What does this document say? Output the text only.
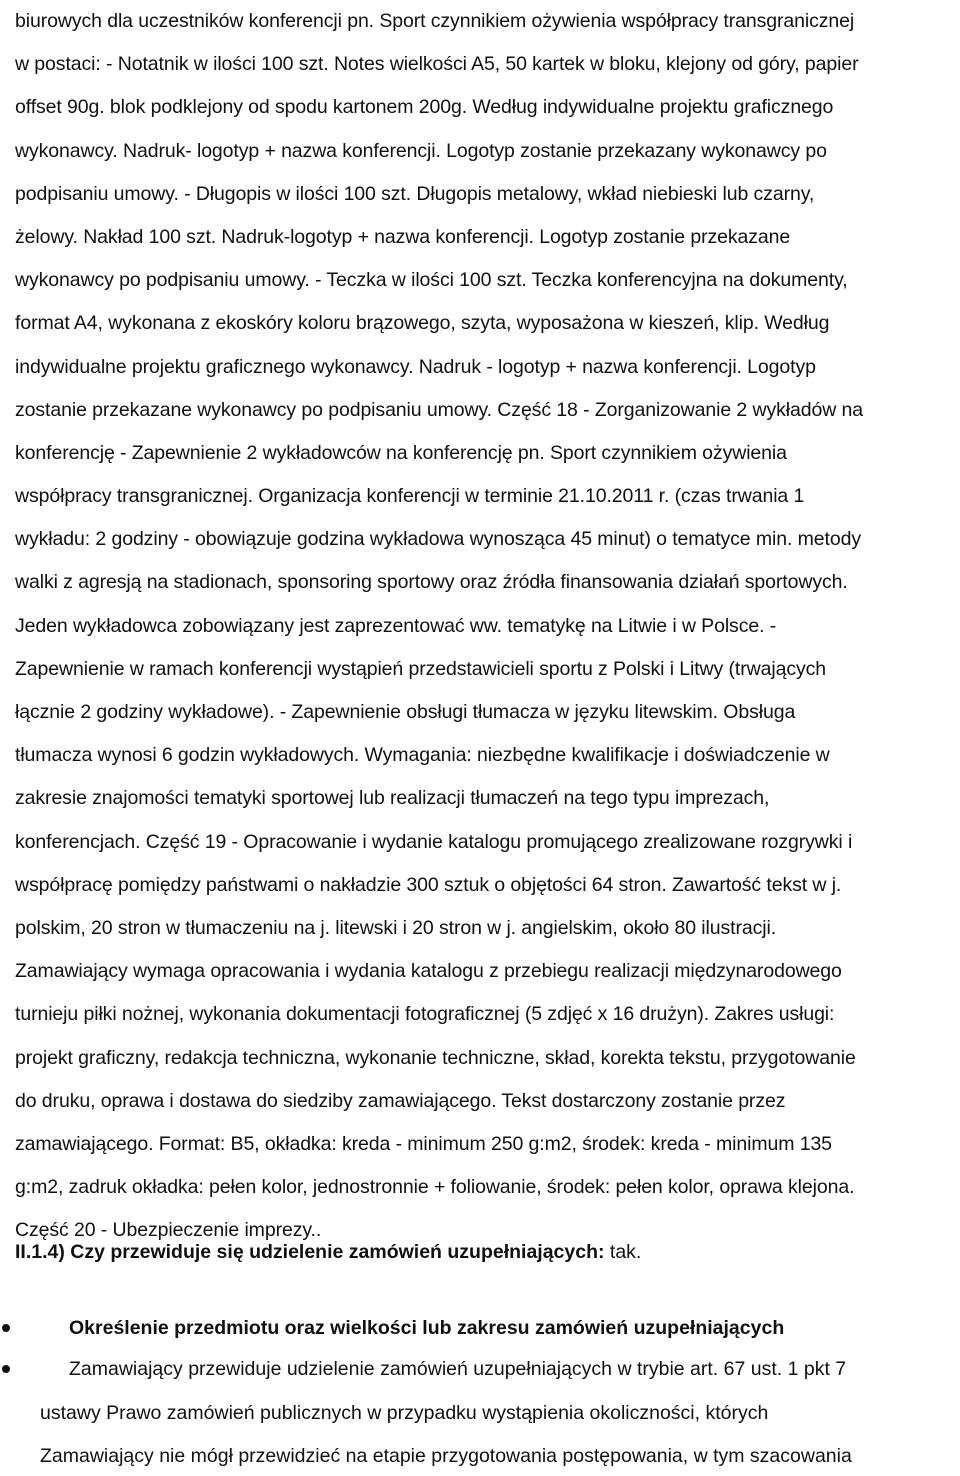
biurowych dla uczestników konferencji pn. Sport czynnikiem ożywienia współpracy transgranicznej
w postaci: - Notatnik w ilości 100 szt. Notes wielkości A5, 50 kartek w bloku, klejony od góry, papier
offset 90g. blok podklejony od spodu kartonem 200g. Według indywidualne projektu graficznego
wykonawcy. Nadruk- logotyp + nazwa konferencji. Logotyp zostanie przekazany wykonawcy po
podpisaniu umowy. - Długopis w ilości 100 szt. Długopis metalowy, wkład niebieski lub czarny,
żelowy. Nakład 100 szt. Nadruk-logotyp + nazwa konferencji. Logotyp zostanie przekazane
wykonawcy po podpisaniu umowy. - Teczka w ilości 100 szt. Teczka konferencyjna na dokumenty,
format A4, wykonana z ekoskóry koloru brązowego, szyta, wyposażona w kieszeń, klip. Według
indywidualne projektu graficznego wykonawcy. Nadruk - logotyp + nazwa konferencji. Logotyp
zostanie przekazane wykonawcy po podpisaniu umowy. Część 18 - Zorganizowanie 2 wykładów na
konferencję - Zapewnienie 2 wykładowców na konferencję pn. Sport czynnikiem ożywienia
współpracy transgranicznej. Organizacja konferencji w terminie 21.10.2011 r. (czas trwania 1
wykładu: 2 godziny - obowiązuje godzina wykładowa wynosząca 45 minut) o tematyce min. metody
walki z agresją na stadionach, sponsoring sportowy oraz źródła finansowania działań sportowych.
Jeden wykładowca zobowiązany jest zaprezentować ww. tematykę na Litwie i w Polsce. -
Zapewnienie w ramach konferencji wystąpień przedstawicieli sportu z Polski i Litwy (trwających
łącznie 2 godziny wykładowe). - Zapewnienie obsługi tłumacza w języku litewskim. Obsługa
tłumacza wynosi 6 godzin wykładowych. Wymagania: niezbędne kwalifikacje i doświadczenie w
zakresie znajomości tematyki sportowej lub realizacji tłumaczeń na tego typu imprezach,
konferencjach. Część 19 - Opracowanie i wydanie katalogu promującego zrealizowane rozgrywki i
współpracę pomiędzy państwami o nakładzie 300 sztuk o objętości 64 stron. Zawartość tekst w j.
polskim, 20 stron w tłumaczeniu na j. litewski i 20 stron w j. angielskim, około 80 ilustracji.
Zamawiający wymaga opracowania i wydania katalogu z przebiegu realizacji międzynarodowego
turnieju piłki nożnej, wykonania dokumentacji fotograficznej (5 zdjęć x 16 drużyn). Zakres usługi:
projekt graficzny, redakcja techniczna, wykonanie techniczne, skład, korekta tekstu, przygotowanie
do druku, oprawa i dostawa do siedziby zamawiającego. Tekst dostarczony zostanie przez
zamawiającego. Format: B5, okładka: kreda - minimum 250 g:m2, środek: kreda - minimum 135
g:m2, zadruk okładka: pełen kolor, jednostronnie + foliowanie, środek: pełen kolor, oprawa klejona.
Część 20 - Ubezpieczenie imprezy..
II.1.4) Czy przewiduje się udzielenie zamówień uzupełniających: tak.
Określenie przedmiotu oraz wielkości lub zakresu zamówień uzupełniających
Zamawiający przewiduje udzielenie zamówień uzupełniających w trybie art. 67 ust. 1 pkt 7
ustawy Prawo zamówień publicznych w przypadku wystąpienia okoliczności, których
Zamawiający nie mógł przewidzieć na etapie przygotowania postępowania, w tym szacowania
